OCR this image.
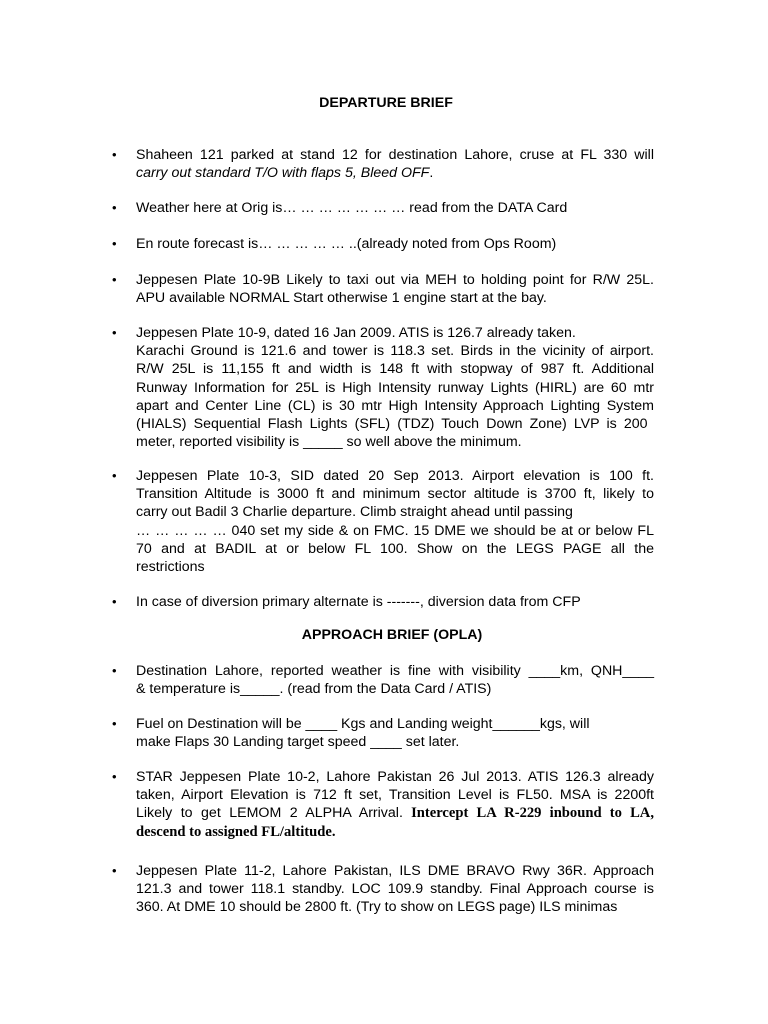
DEPARTURE BRIEF
• Shaheen 121 parked at stand 12 for destination Lahore, cruse at FL 330 will
carry out standard T/O with flaps 5, Bleed OFF.
• Weather here at Orig is… … … … … … … read from the DATA Card
• En route forecast is… … … … … ..(already noted from Ops Room)
• Jeppesen Plate 10-9B Likely to taxi out via MEH to holding point for R/W 25L.
APU available NORMAL Start otherwise 1 engine start at the bay.
• Jeppesen Plate 10-9, dated 16 Jan 2009. ATIS is 126.7 already taken.
Karachi Ground is 121.6 and tower is 118.3 set. Birds in the vicinity of airport.
R/W 25L is 11,155 ft and width is 148 ft with stopway of 987 ft. Additional
Runway Information for 25L is High Intensity runway Lights (HIRL) are 60 mtr
apart and Center Line (CL) is 30 mtr High Intensity Approach Lighting System
(HIALS) Sequential Flash Lights (SFL) (TDZ) Touch Down Zone) LVP is 200
meter, reported visibility is _____ so well above the minimum.
• Jeppesen Plate 10-3, SID dated 20 Sep 2013. Airport elevation is 100 ft.
Transition Altitude is 3000 ft and minimum sector altitude is 3700 ft, likely to
carry out Badil 3 Charlie departure. Climb straight ahead until passing
… … … … … 040 set my side & on FMC. 15 DME we should be at or below FL
70 and at BADIL at or below FL 100. Show on the LEGS PAGE all the
restrictions
• In case of diversion primary alternate is -------, diversion data from CFP
APPROACH BRIEF (OPLA)
• Destination Lahore, reported weather is fine with visibility ____km, QNH____
& temperature is_____. (read from the Data Card / ATIS)
• Fuel on Destination will be ____ Kgs and Landing weight______kgs, will
make Flaps 30 Landing target speed ____ set later.
• STAR Jeppesen Plate 10-2, Lahore Pakistan 26 Jul 2013. ATIS 126.3 already
taken, Airport Elevation is 712 ft set, Transition Level is FL50. MSA is 2200ft
Likely to get LEMOM 2 ALPHA Arrival. Intercept LA R-229 inbound to LA,
descend to assigned FL/altitude.
• Jeppesen Plate 11-2, Lahore Pakistan, ILS DME BRAVO Rwy 36R. Approach
121.3 and tower 118.1 standby. LOC 109.9 standby. Final Approach course is
360. At DME 10 should be 2800 ft. (Try to show on LEGS page) ILS minimas
